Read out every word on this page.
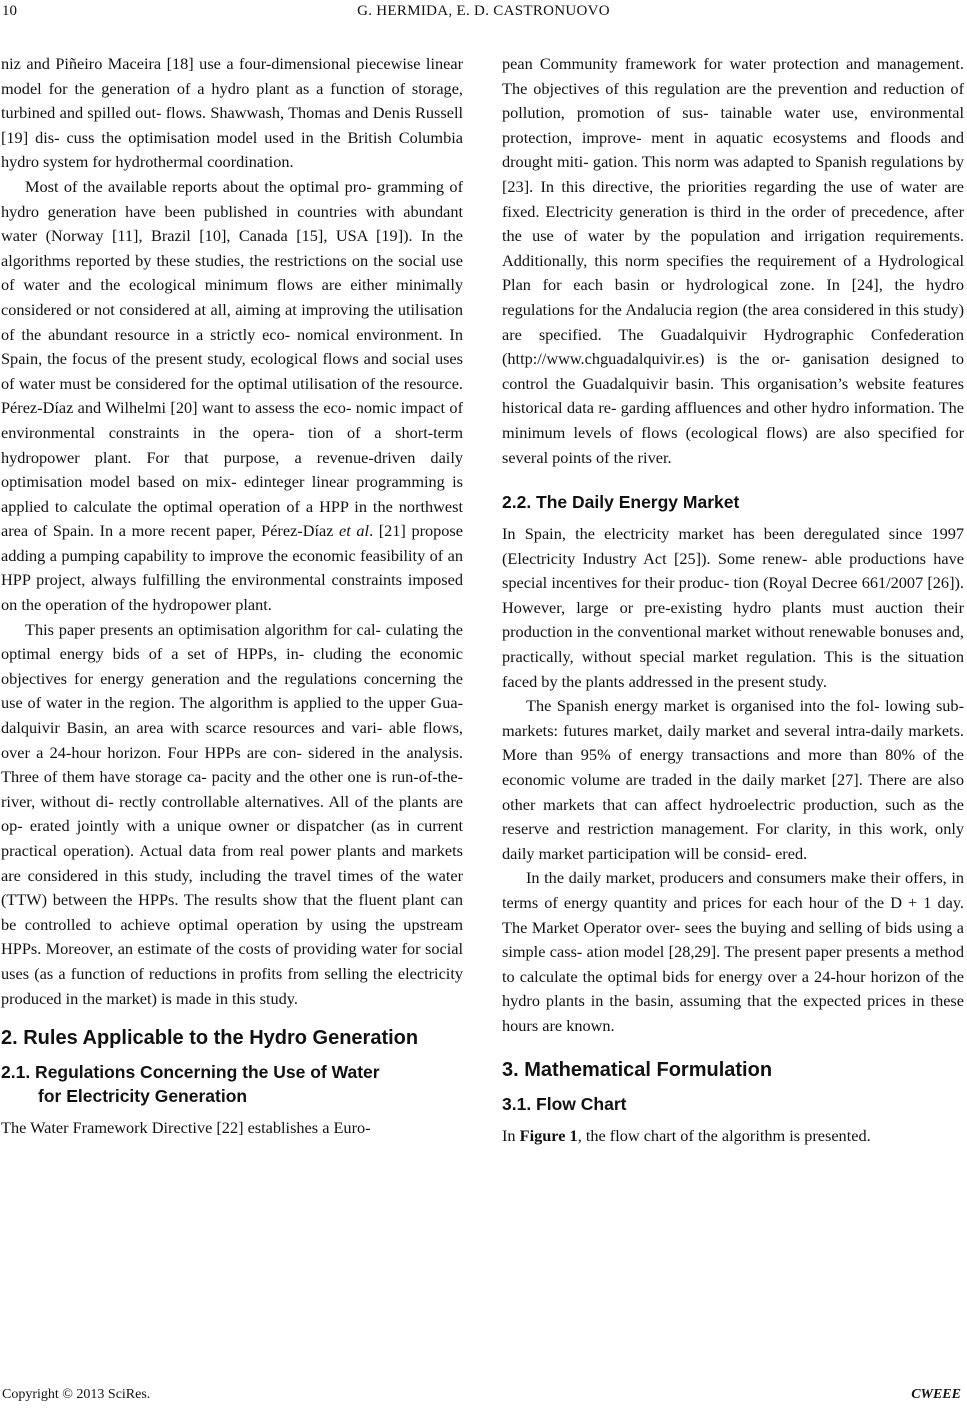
10	G. HERMIDA, E. D. CASTRONUOVO

niz and Piñeiro Maceira [18] use a four-dimensional piecewise linear model for the generation of a hydro plant as a function of storage, turbined and spilled out- flows. Shawwash, Thomas and Denis Russell [19] dis- cuss the optimisation model used in the British Columbia hydro system for hydrothermal coordination.

Most of the available reports about the optimal pro- gramming of hydro generation have been published in countries with abundant water (Norway [11], Brazil [10], Canada [15], USA [19]). In the algorithms reported by these studies, the restrictions on the social use of water and the ecological minimum flows are either minimally considered or not considered at all, aiming at improving the utilisation of the abundant resource in a strictly eco- nomical environment. In Spain, the focus of the present study, ecological flows and social uses of water must be considered for the optimal utilisation of the resource. Pérez-Díaz and Wilhelmi [20] want to assess the eco- nomic impact of environmental constraints in the opera- tion of a short-term hydropower plant. For that purpose, a revenue-driven daily optimisation model based on mix- edinteger linear programming is applied to calculate the optimal operation of a HPP in the northwest area of Spain. In a more recent paper, Pérez-Díaz et al. [21] propose adding a pumping capability to improve the economic feasibility of an HPP project, always fulfilling the environmental constraints imposed on the operation of the hydropower plant.

This paper presents an optimisation algorithm for cal- culating the optimal energy bids of a set of HPPs, in- cluding the economic objectives for energy generation and the regulations concerning the use of water in the region. The algorithm is applied to the upper Gua- dalquivir Basin, an area with scarce resources and vari- able flows, over a 24-hour horizon. Four HPPs are con- sidered in the analysis. Three of them have storage ca- pacity and the other one is run-of-the-river, without di- rectly controllable alternatives. All of the plants are op- erated jointly with a unique owner or dispatcher (as in current practical operation). Actual data from real power plants and markets are considered in this study, including the travel times of the water (TTW) between the HPPs. The results show that the fluent plant can be controlled to achieve optimal operation by using the upstream HPPs. Moreover, an estimate of the costs of providing water for social uses (as a function of reductions in profits from selling the electricity produced in the market) is made in this study.

2. Rules Applicable to the Hydro Generation
2.1. Regulations Concerning the Use of Water
for Electricity Generation

The Water Framework Directive [22] establishes a Euro-

pean Community framework for water protection and management. The objectives of this regulation are the prevention and reduction of pollution, promotion of sus- tainable water use, environmental protection, improve- ment in aquatic ecosystems and floods and drought miti- gation. This norm was adapted to Spanish regulations by [23]. In this directive, the priorities regarding the use of water are fixed. Electricity generation is third in the order of precedence, after the use of water by the population and irrigation requirements. Additionally, this norm specifies the requirement of a Hydrological Plan for each basin or hydrological zone. In [24], the hydro regulations for the Andalucia region (the area considered in this study) are specified. The Guadalquivir Hydrographic Confederation (http://www.chguadalquivir.es) is the or- ganisation designed to control the Guadalquivir basin. This organisation’s website features historical data re- garding affluences and other hydro information. The minimum levels of flows (ecological flows) are also specified for several points of the river.

2.2. The Daily Energy Market

In Spain, the electricity market has been deregulated since 1997 (Electricity Industry Act [25]). Some renew- able productions have special incentives for their produc- tion (Royal Decree 661/2007 [26]). However, large or pre-existing hydro plants must auction their production in the conventional market without renewable bonuses and, practically, without special market regulation. This is the situation faced by the plants addressed in the present study.

The Spanish energy market is organised into the fol- lowing sub-markets: futures market, daily market and several intra-daily markets. More than 95% of energy transactions and more than 80% of the economic volume are traded in the daily market [27]. There are also other markets that can affect hydroelectric production, such as the reserve and restriction management. For clarity, in this work, only daily market participation will be consid- ered.

In the daily market, producers and consumers make their offers, in terms of energy quantity and prices for each hour of the D + 1 day. The Market Operator over- sees the buying and selling of bids using a simple cass- ation model [28,29]. The present paper presents a method to calculate the optimal bids for energy over a 24-hour horizon of the hydro plants in the basin, assuming that the expected prices in these hours are known.

3. Mathematical Formulation
3.1. Flow Chart

In Figure 1, the flow chart of the algorithm is presented.

Copyright © 2013 SciRes.	CWEEE
